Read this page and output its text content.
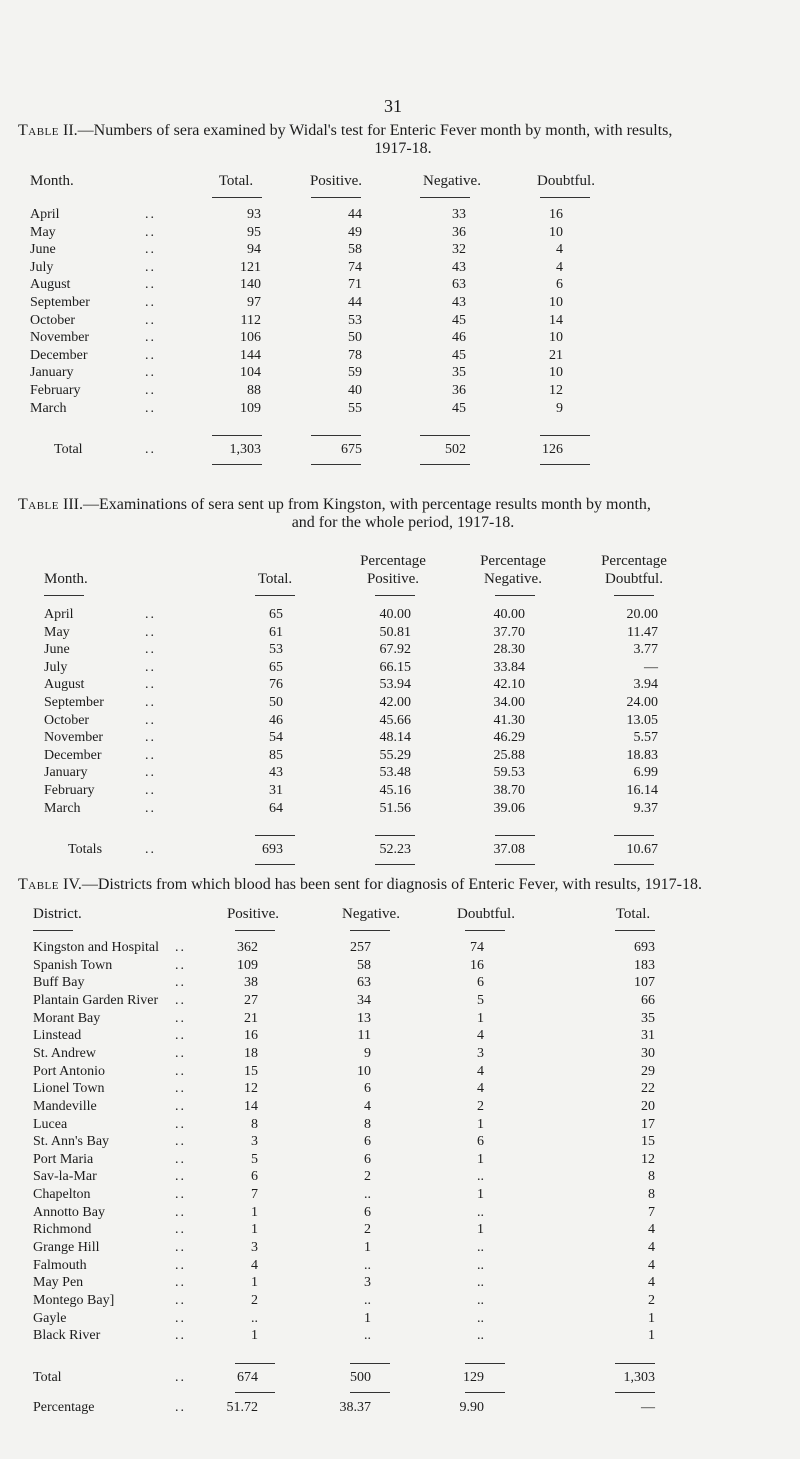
31
Table II.—Numbers of sera examined by Widal's test for Enteric Fever month by month, with results,
1917-18.
Month.	Total.	Positive.	Negative.	Doubtful.
April	..	93	44	33	16
May	..	95	49	36	10
June	..	94	58	32	4
July	..	121	74	43	4
August	..	140	71	63	6
September	..	97	44	43	10
October	..	112	53	45	14
November	..	106	50	46	10
December	..	144	78	45	21
January	..	104	59	35	10
February	..	88	40	36	12
March	..	109	55	45	9
Total	..	1,303	675	502	126
Table III.—Examinations of sera sent up from Kingston, with percentage results month by month,
and for the whole period, 1917-18.
Percentage	Percentage	Percentage
Month.	Total.	Positive.	Negative.	Doubtful.
April	..	65	40.00	40.00	20.00
May	..	61	50.81	37.70	11.47
June	..	53	67.92	28.30	3.77
July	..	65	66.15	33.84	—
August	..	76	53.94	42.10	3.94
September	..	50	42.00	34.00	24.00
October	..	46	45.66	41.30	13.05
November	..	54	48.14	46.29	5.57
December	..	85	55.29	25.88	18.83
January	..	43	53.48	59.53	6.99
February	..	31	45.16	38.70	16.14
March	..	64	51.56	39.06	9.37
Totals	..	693	52.23	37.08	10.67
Table IV.—Districts from which blood has been sent for diagnosis of Enteric Fever, with results, 1917-18.
District.	Positive.	Negative.	Doubtful.	Total.
Kingston and Hospital ..	362	257	74	693
Spanish Town	..	109	58	16	183
Buff Bay	..	38	63	6	107
Plantain Garden River ..	27	34	5	66
Morant Bay	..	21	13	1	35
Linstead	..	16	11	4	31
St. Andrew	..	18	9	3	30
Port Antonio	..	15	10	4	29
Lionel Town	..	12	6	4	22
Mandeville	..	14	4	2	20
Lucea	..	8	8	1	17
St. Ann's Bay	..	3	6	6	15
Port Maria	..	5	6	1	12
Sav-la-Mar	..	6	2	..	8
Chapelton	..	7	..	1	8
Annotto Bay	..	1	6	..	7
Richmond	..	1	2	1	4
Grange Hill	..	3	1	..	4
Falmouth	..	4	..	..	4
May Pen	..	1	3	..	4
Montego Bay]	..	2	..	..	2
Gayle	..	..	1	..	1
Black River	..	1	..	..	1
Total	..	674	500	129	1,303
Percentage	..	51.72	38.37	9.90	—
